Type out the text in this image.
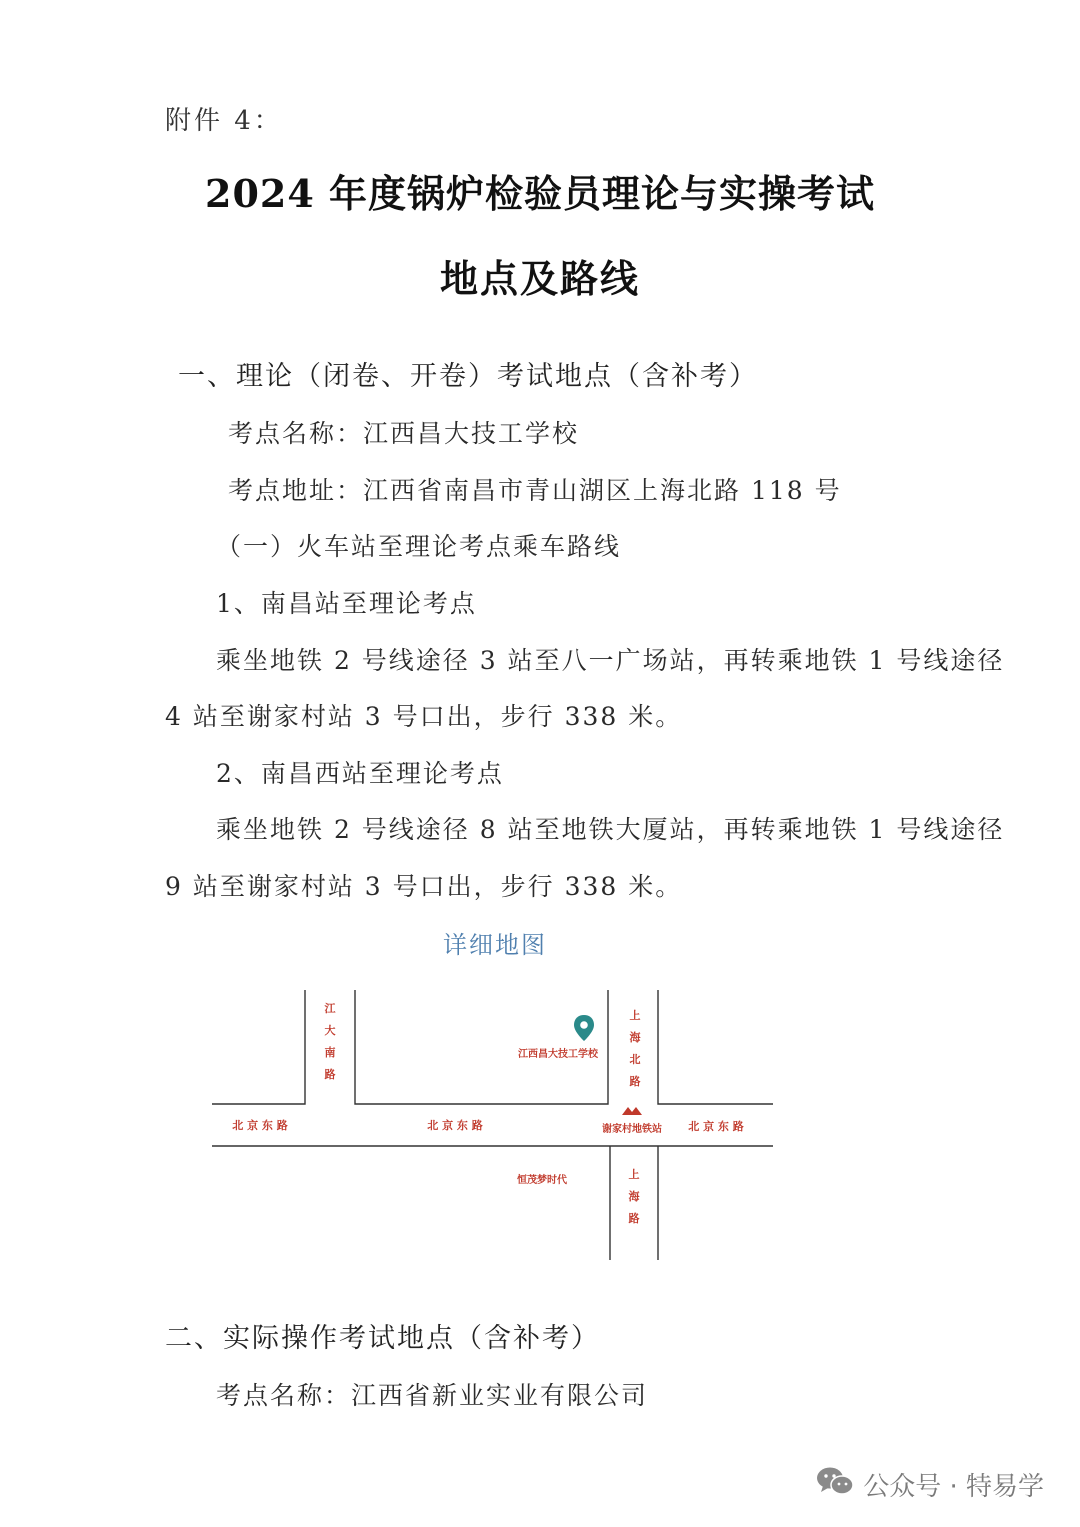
附件 4：
2024 年度锅炉检验员理论与实操考试
地点及路线
一、理论（闭卷、开卷）考试地点（含补考）
考点名称：江西昌大技工学校
考点地址：江西省南昌市青山湖区上海北路 118 号
（一）火车站至理论考点乘车路线
1、南昌站至理论考点
乘坐地铁 2 号线途径 3 站至八一广场站，再转乘地铁 1 号线途径
4 站至谢家村站 3 号口出，步行 338 米。
2、南昌西站至理论考点
乘坐地铁 2 号线途径 8 站至地铁大厦站，再转乘地铁 1 号线途径
9 站至谢家村站 3 号口出，步行 338 米。
详细地图
江
大
南
路
上
海
北
路
上
海
路
北 京 东 路	北 京 东 路	北 京 东 路
江西昌大技工学校
谢家村地铁站
恒茂梦时代
二、实际操作考试地点（含补考）
考点名称：江西省新业实业有限公司
公众号 · 特易学
